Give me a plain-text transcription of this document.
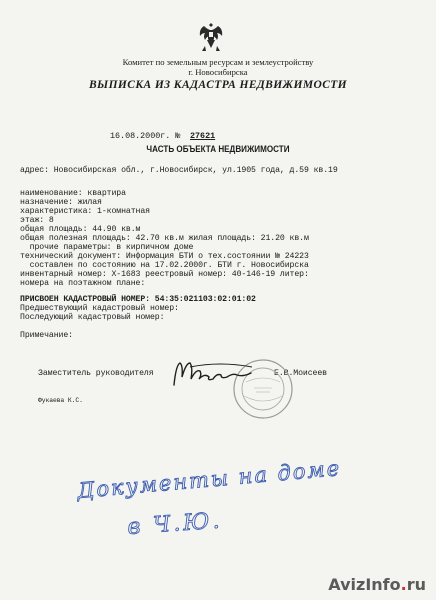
Комитет по земельным ресурсам и землеустройству
г. Новосибирска
ВЫПИСКА ИЗ КАДАСТРА НЕДВИЖИМОСТИ
16.08.2000г. № 27621
ЧАСТЬ ОБЪЕКТА НЕДВИЖИМОСТИ
адрес: Новосибирская обл., г.Новосибирск, ул.1905 года, д.59 кв.19
наименование: квартира
назначение: жилая
характеристика: 1-комнатная
этаж: 8
общая площадь: 44.90 кв.м
общая полезная площадь: 42.70 кв.м жилая площадь: 21.20 кв.м
прочие параметры: в кирпичном доме
технический документ: Информация БТИ о тех.состоянии № 24223
составлен по состоянию на 17.02.2000г. БТИ г. Новосибирска
инвентарный номер: Х-1683 реестровый номер: 40-146-19 литер:
номера на поэтажном плане:
ПРИСВОЕН КАДАСТРОВЫЙ НОМЕР: 54:35:021103:02:01:02
Предшествующий кадастровый номер:
Последующий кадастровый номер:
Примечание:
Заместитель руководителя	Е.В.Моисеев
Фукаева К.С.
Документы на доме
в Ч.Ю.
AvizInfo.ru
